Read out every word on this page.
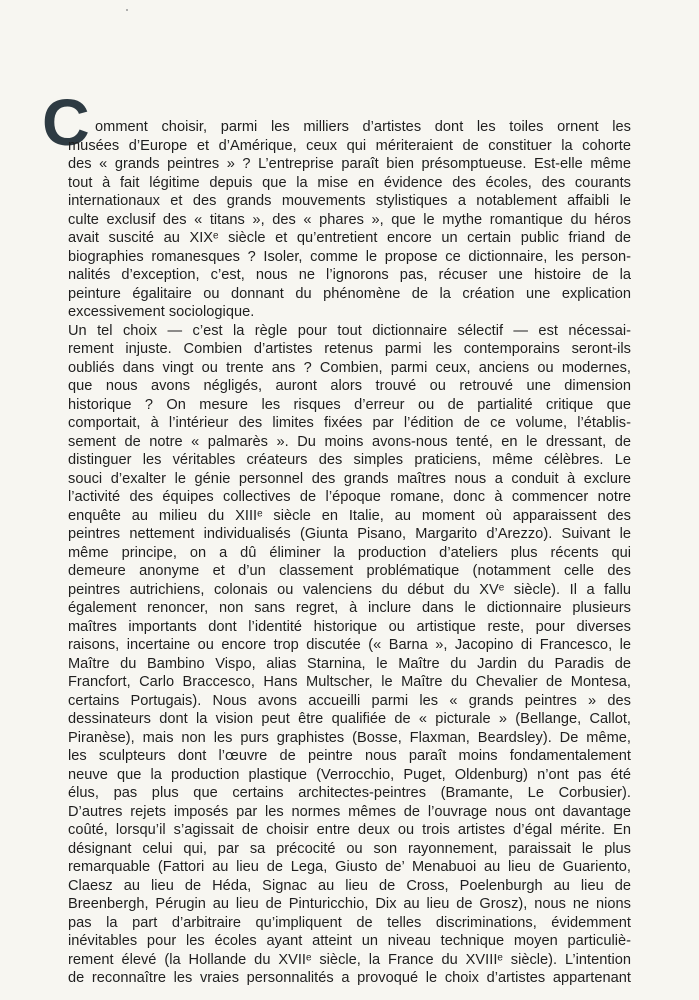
C omment choisir, parmi les milliers d’artistes dont les toiles ornent les
musées d’Europe et d’Amérique, ceux qui mériteraient de constituer la cohorte
des « grands peintres » ? L’entreprise paraît bien présomptueuse. Est-elle même
tout à fait légitime depuis que la mise en évidence des écoles, des courants
internationaux et des grands mouvements stylistiques a notablement affaibli le
culte exclusif des « titans », des « phares », que le mythe romantique du héros
avait suscité au XIXᵉ siècle et qu’entretient encore un certain public friand de
biographies romanesques ? Isoler, comme le propose ce dictionnaire, les person-
nalités d’exception, c’est, nous ne l’ignorons pas, récuser une histoire de la
peinture égalitaire ou donnant du phénomène de la création une explication
excessivement sociologique.
Un tel choix — c’est la règle pour tout dictionnaire sélectif — est nécessai-
rement injuste. Combien d’artistes retenus parmi les contemporains seront-ils
oubliés dans vingt ou trente ans ? Combien, parmi ceux, anciens ou modernes,
que nous avons négligés, auront alors trouvé ou retrouvé une dimension
historique ? On mesure les risques d’erreur ou de partialité critique que
comportait, à l’intérieur des limites fixées par l’édition de ce volume, l’établis-
sement de notre « palmarès ». Du moins avons-nous tenté, en le dressant, de
distinguer les véritables créateurs des simples praticiens, même célèbres. Le
souci d’exalter le génie personnel des grands maîtres nous a conduit à exclure
l’activité des équipes collectives de l’époque romane, donc à commencer notre
enquête au milieu du XIIIᵉ siècle en Italie, au moment où apparaissent des
peintres nettement individualisés (Giunta Pisano, Margarito d’Arezzo). Suivant le
même principe, on a dû éliminer la production d’ateliers plus récents qui
demeure anonyme et d’un classement problématique (notamment celle des
peintres autrichiens, colonais ou valenciens du début du XVᵉ siècle). Il a fallu
également renoncer, non sans regret, à inclure dans le dictionnaire plusieurs
maîtres importants dont l’identité historique ou artistique reste, pour diverses
raisons, incertaine ou encore trop discutée (« Barna », Jacopino di Francesco, le
Maître du Bambino Vispo, alias Starnina, le Maître du Jardin du Paradis de
Francfort, Carlo Braccesco, Hans Multscher, le Maître du Chevalier de Montesa,
certains Portugais). Nous avons accueilli parmi les « grands peintres » des
dessinateurs dont la vision peut être qualifiée de « picturale » (Bellange, Callot,
Piranèse), mais non les purs graphistes (Bosse, Flaxman, Beardsley). De même,
les sculpteurs dont l’œuvre de peintre nous paraît moins fondamentalement
neuve que la production plastique (Verrocchio, Puget, Oldenburg) n’ont pas été
élus, pas plus que certains architectes-peintres (Bramante, Le Corbusier).
D’autres rejets imposés par les normes mêmes de l’ouvrage nous ont davantage
coûté, lorsqu’il s’agissait de choisir entre deux ou trois artistes d’égal mérite. En
désignant celui qui, par sa précocité ou son rayonnement, paraissait le plus
remarquable (Fattori au lieu de Lega, Giusto de’ Menabuoi au lieu de Guariento,
Claesz au lieu de Héda, Signac au lieu de Cross, Poelenburgh au lieu de
Breenbergh, Pérugin au lieu de Pinturicchio, Dix au lieu de Grosz), nous ne nions
pas la part d’arbitraire qu’impliquent de telles discriminations, évidemment
inévitables pour les écoles ayant atteint un niveau technique moyen particuliè-
rement élevé (la Hollande du XVIIᵉ siècle, la France du XVIIIᵉ siècle). L’intention
de reconnaître les vraies personnalités a provoqué le choix d’artistes appartenant
